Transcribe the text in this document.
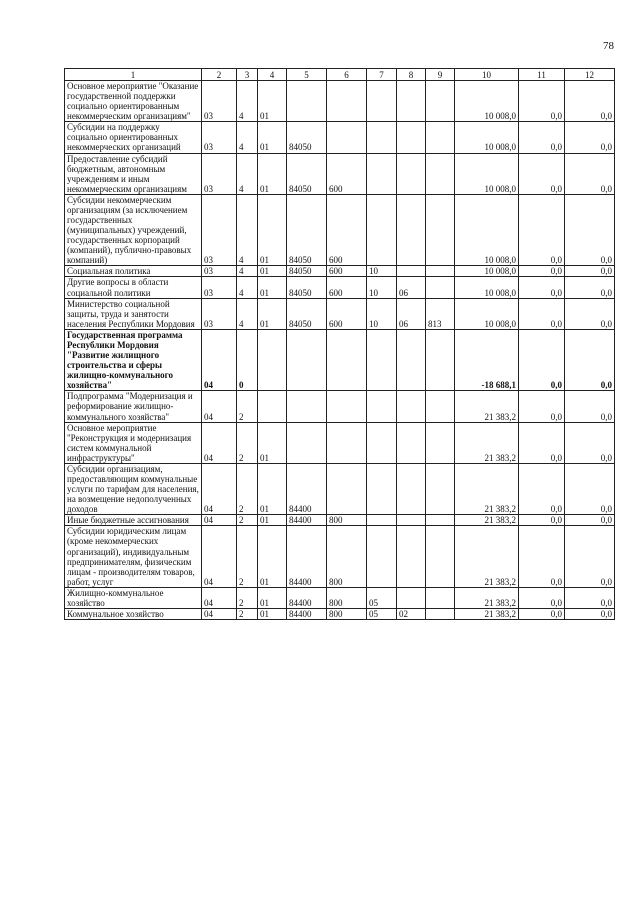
78
1	2	3	4	5	6	7	8	9	10	11	12
Основное мероприятие "Оказание государственной поддержки социально ориентированным некоммерческим организациям"	03	4	01						10 008,0	0,0	0,0
Субсидии на поддержку социально ориентированных некоммерческих организаций	03	4	01	84050					10 008,0	0,0	0,0
Предоставление субсидий бюджетным, автономным учреждениям и иным некоммерческим организациям	03	4	01	84050	600				10 008,0	0,0	0,0
Субсидии некоммерческим организациям (за исключением государственных (муниципальных) учреждений, государственных корпораций (компаний), публично-правовых компаний)	03	4	01	84050	600				10 008,0	0,0	0,0
Социальная политика	03	4	01	84050	600	10			10 008,0	0,0	0,0
Другие вопросы в области социальной политики	03	4	01	84050	600	10	06		10 008,0	0,0	0,0
Министерство социальной защиты, труда и занятости населения Республики Мордовия	03	4	01	84050	600	10	06	813	10 008,0	0,0	0,0
Государственная программа Республики Мордовия "Развитие жилищного строительства и сферы жилищно-коммунального хозяйства"	04	0							-18 688,1	0,0	0,0
Подпрограмма "Модернизация и реформирование жилищно-коммунального хозяйства"	04	2							21 383,2	0,0	0,0
Основное мероприятие "Реконструкция и модернизация систем коммунальной инфраструктуры"	04	2	01						21 383,2	0,0	0,0
Субсидии организациям, предоставляющим коммунальные услуги по тарифам для населения, на возмещение недополученных доходов	04	2	01	84400					21 383,2	0,0	0,0
Иные бюджетные ассигнования	04	2	01	84400	800				21 383,2	0,0	0,0
Субсидии юридическим лицам (кроме некоммерческих организаций), индивидуальным предпринимателям, физическим лицам - производителям товаров, работ, услуг	04	2	01	84400	800				21 383,2	0,0	0,0
Жилищно-коммунальное хозяйство	04	2	01	84400	800	05			21 383,2	0,0	0,0
Коммунальное хозяйство	04	2	01	84400	800	05	02		21 383,2	0,0	0,0
